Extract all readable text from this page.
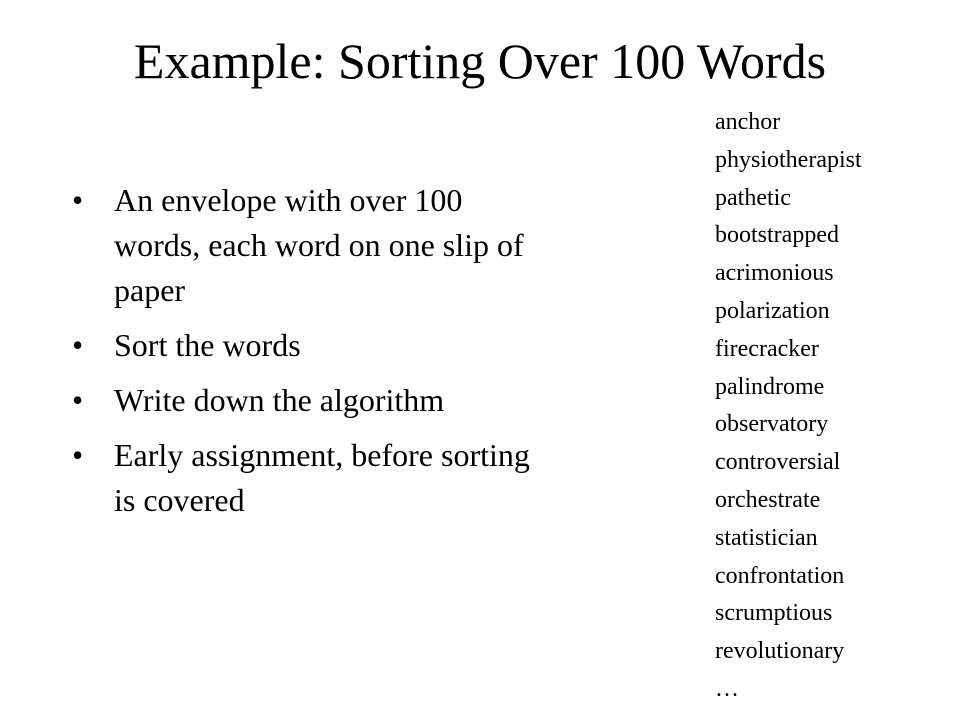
Example: Sorting Over 100 Words
• An envelope with over 100 words, each word on one slip of paper
• Sort the words
• Write down the algorithm
• Early assignment, before sorting is covered
anchor
physiotherapist
pathetic
bootstrapped
acrimonious
polarization
firecracker
palindrome
observatory
controversial
orchestrate
statistician
confrontation
scrumptious
revolutionary
…
